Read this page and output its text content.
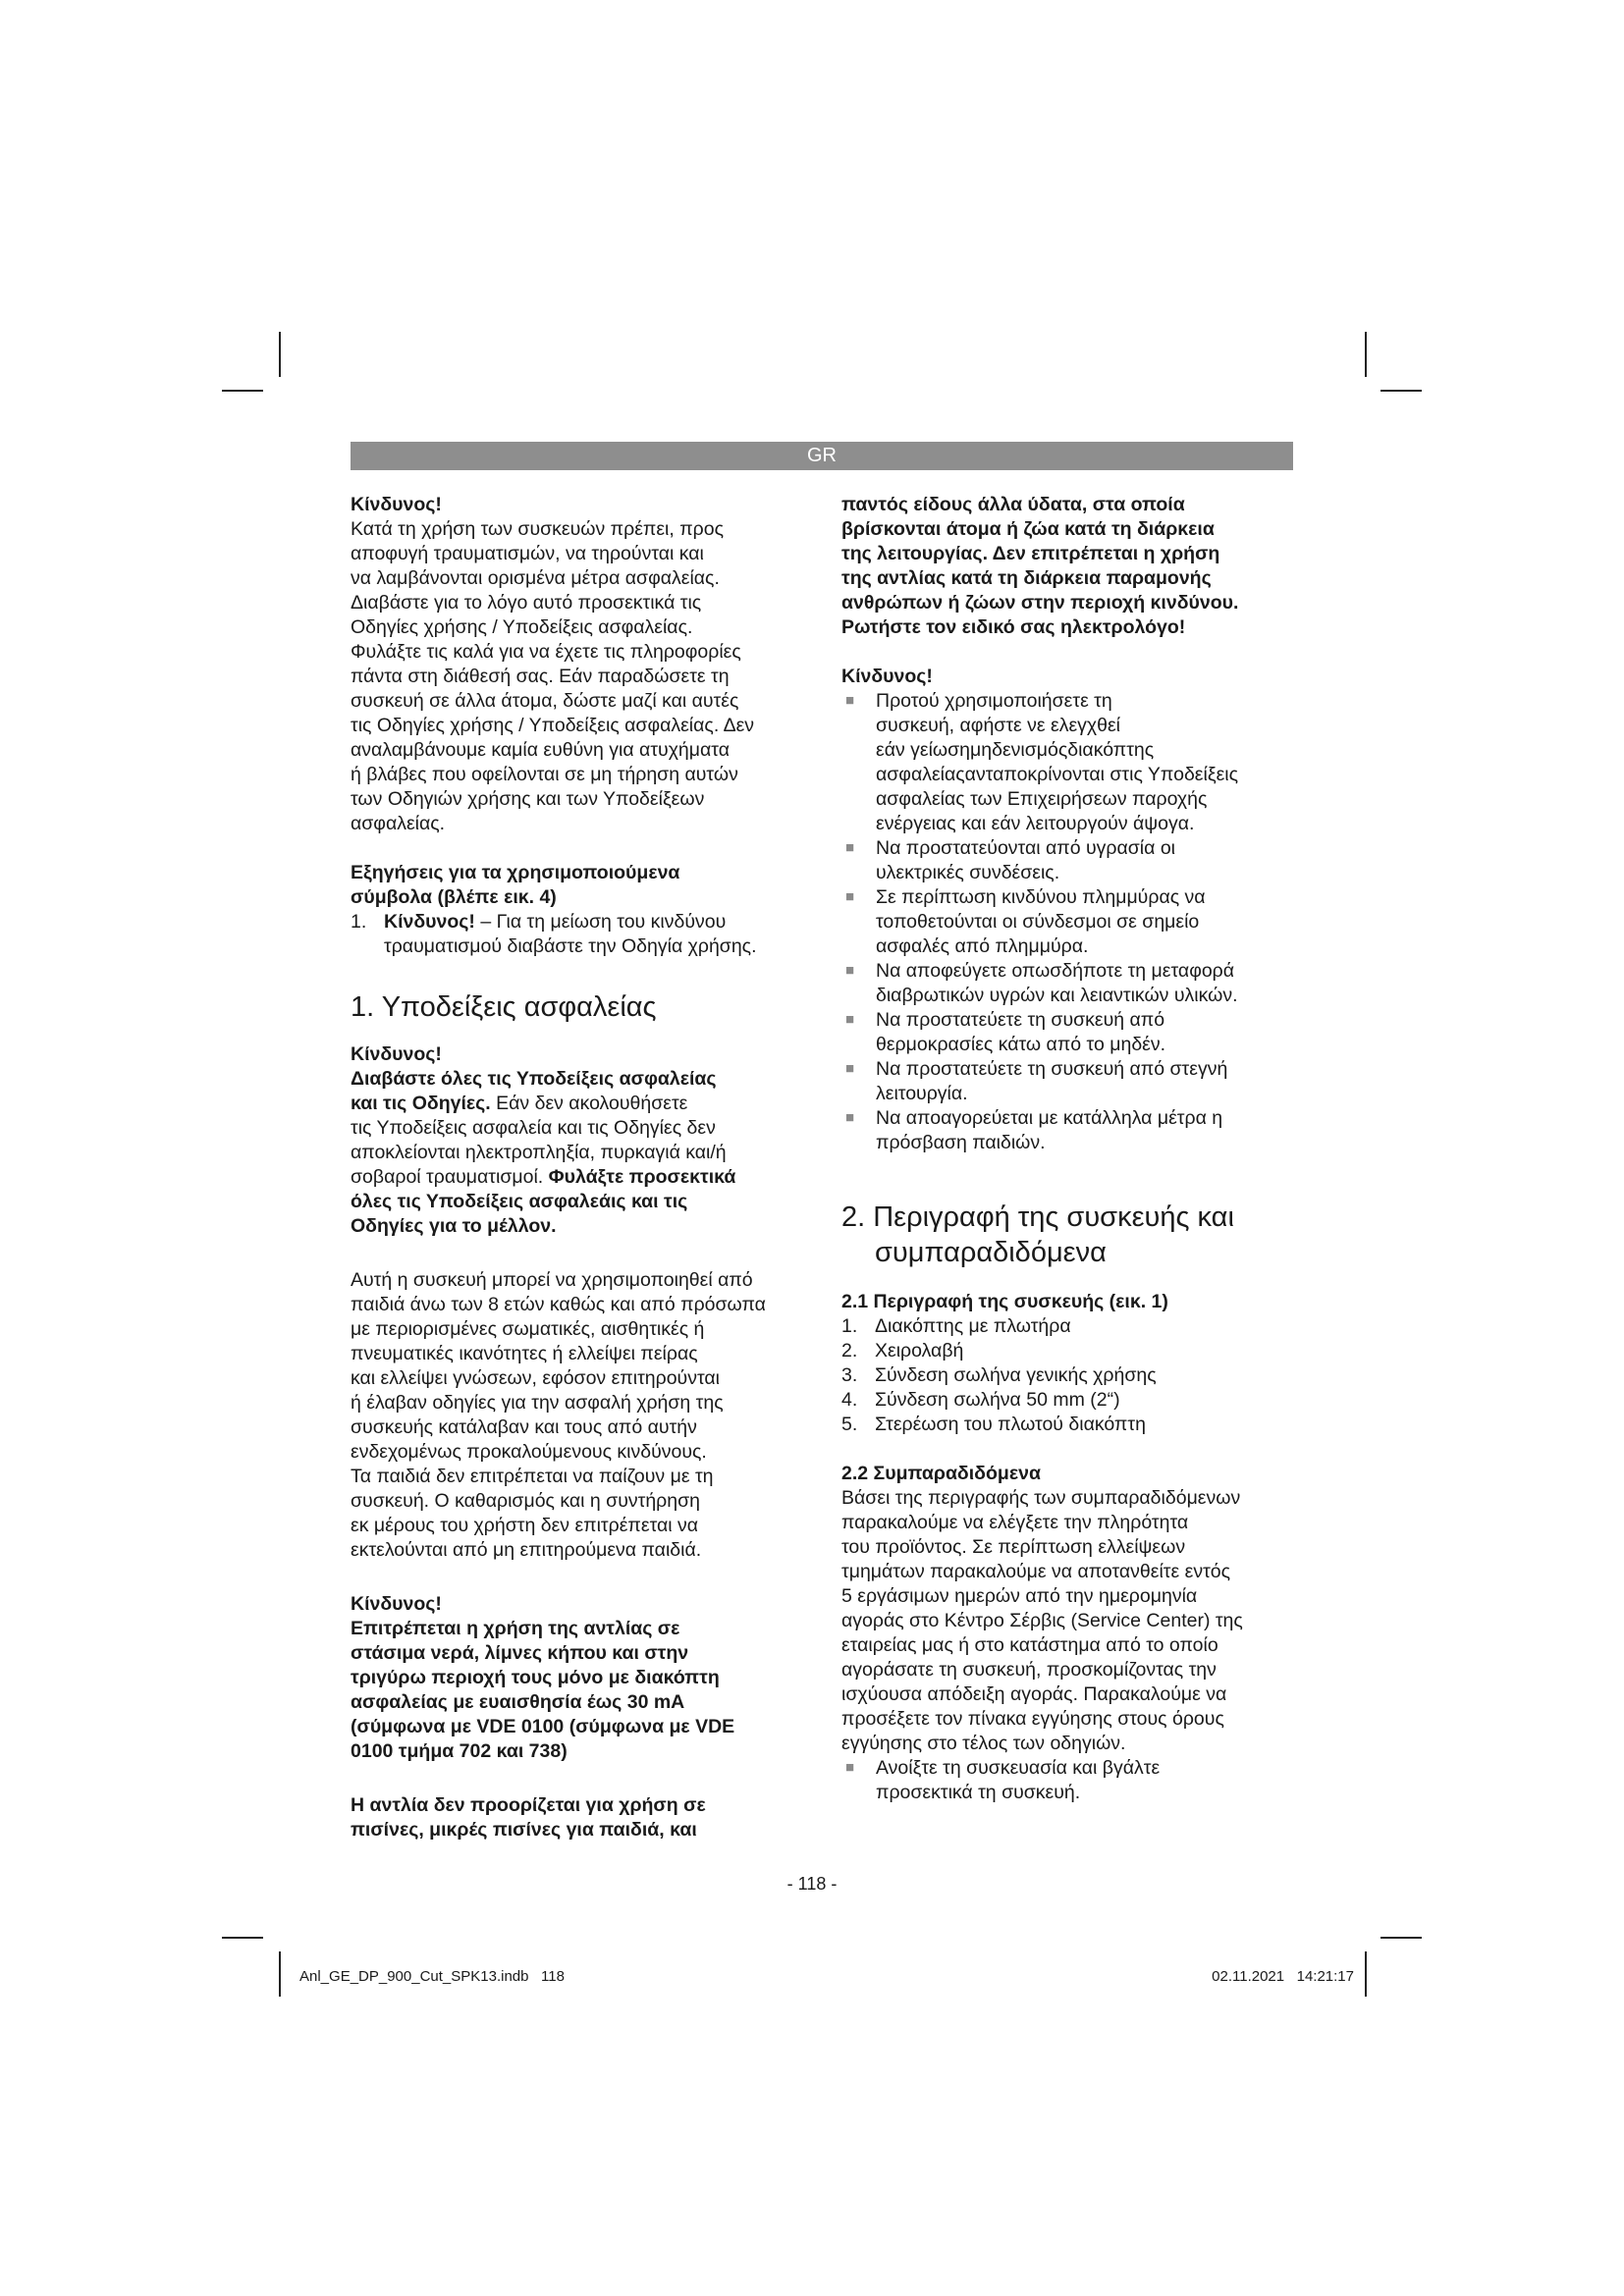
GR

Κίνδυνος!

Κατά τη χρήση των συσκευών πρέπει, προς
αποφυγή τραυματισμών, να τηρούνται και
να λαμβάνονται ορισμένα μέτρα ασφαλείας.
Διαβάστε για το λόγο αυτό προσεκτικά τις
Οδηγίες χρήσης / Υποδείξεις ασφαλείας.
Φυλάξτε τις καλά για να έχετε τις πληροφορίες
πάντα στη διάθεσή σας. Εάν παραδώσετε τη
συσκευή σε άλλα άτομα, δώστε μαζί και αυτές
τις Οδηγίες χρήσης / Υποδείξεις ασφαλείας. Δεν
αναλαμβάνουμε καμία ευθύνη για ατυχήματα
ή βλάβες που οφείλονται σε μη τήρηση αυτών
των Οδηγιών χρήσης και των Υποδείξεων
ασφαλείας.
Εξηγήσεις για τα χρησιμοποιούμενα
σύμβολα (βλέπε εικ. 4)
1. Κίνδυνος! – Για τη μείωση του κινδύνου
τραυματισμού διαβάστε την Οδηγία χρήσης.

1. Υποδείξεις ασφαλείας

Κίνδυνος!

Διαβάστε όλες τις Υποδείξεις ασφαλείας
και τις Οδηγίες. Εάν δεν ακολουθήσετε
τις Υποδείξεις ασφαλεία και τις Οδηγίες δεν
αποκλείονται ηλεκτροπληξία, πυρκαγιά και/ή
σοβαροί τραυματισμοί. Φυλάξτε προσεκτικά
όλες τις Υποδείξεις ασφαλεάις και τις
Οδηγίες για το μέλλον.
Αυτή η συσκευή μπορεί να χρησιμοποιηθεί από
παιδιά άνω των 8 ετών καθώς και από πρόσωπα
με περιορισμένες σωματικές, αισθητικές ή
πνευματικές ικανότητες ή ελλείψει πείρας
και ελλείψει γνώσεων, εφόσον επιτηρούνται
ή έλαβαν οδηγίες για την ασφαλή χρήση της
συσκευής κατάλαβαν και τους από αυτήν
ενδεχομένως προκαλούμενους κινδύνους.
Τα παιδιά δεν επιτρέπεται να παίζουν με τη
συσκευή. Ο καθαρισμός και η συντήρηση
εκ μέρους του χρήστη δεν επιτρέπεται να
εκτελούνται από μη επιτηρούμενα παιδιά.

Κίνδυνος!

Επιτρέπεται η χρήση της αντλίας σε
στάσιμα νερά, λίμνες κήπου και στην
τριγύρω περιοχή τους μόνο με διακόπτη
ασφαλείας με ευαισθησία έως 30 mA
(σύμφωνα με VDE 0100 (σύμφωνα με VDE
0100 τμήμα 702 και 738)
Η αντλία δεν προορίζεται για χρήση σε
πισίνες, μικρές πισίνες για παιδιά, και
παντός είδους άλλα ύδατα, στα οποία
βρίσκονται άτομα ή ζώα κατά τη διάρκεια
της λειτουργίας. Δεν επιτρέπεται η χρήση
της αντλίας κατά τη διάρκεια παραμονής
ανθρώπων ή ζώων στην περιοχή κινδύνου.
Ρωτήστε τον ειδικό σας ηλεκτρολόγο!

Κίνδυνος!

■ Προτού χρησιμοποιήσετε τη
συσκευή, αφήστε νε ελεγχθεί
εάν γείωσημηδενισμόςδιακόπτης
ασφαλείαςανταποκρίνονται στις Υποδείξεις
ασφαλείας των Επιχειρήσεων παροχής
ενέργειας και εάν λειτουργούν άψογα.
■ Να προστατεύονται από υγρασία οι
υλεκτρικές συνδέσεις.
■ Σε περίπτωση κινδύνου πλημμύρας να
τοποθετούνται οι σύνδεσμοι σε σημείο
ασφαλές από πλημμύρα.
■ Να αποφεύγετε οπωσδήποτε τη μεταφορά
διαβρωτικών υγρών και λειαντικών υλικών.
■ Να προστατεύετε τη συσκευή από
θερμοκρασίες κάτω από το μηδέν.
■ Να προστατεύετε τη συσκευή από στεγνή
λειτουργία.
■ Να αποαγορεύεται με κατάλληλα μέτρα η
πρόσβαση παιδιών.
2. Περιγραφή της συσκευής και
συμπαραδιδόμενα

2.1 Περιγραφή της συσκευής (εικ. 1)

1. Διακόπτης με πλωτήρα
2. Χειρολαβή
3. Σύνδεση σωλήνα γενικής χρήσης
4. Σύνδεση σωλήνα 50 mm (2“)
5. Στερέωση του πλωτού διακόπτη

2.2 Συμπαραδιδόμενα

Βάσει της περιγραφής των συμπαραδιδόμενων
παρακαλούμε να ελέγξετε την πληρότητα
του προϊόντος. Σε περίπτωση ελλείψεων
τμημάτων παρακαλούμε να αποτανθείτε εντός
5 εργάσιμων ημερών από την ημερομηνία
αγοράς στο Κέντρο Σέρβις (Service Center) της
εταιρείας μας ή στο κατάστημα από το οποίο
αγοράσατε τη συσκευή, προσκομίζοντας την
ισχύουσα απόδειξη αγοράς. Παρακαλούμε να
προσέξετε τον πίνακα εγγύησης στους όρους
εγγύησης στο τέλος των οδηγιών.
■ Ανοίξτε τη συσκευασία και βγάλτε
προσεκτικά τη συσκευή.
- 118 -
Anl_GE_DP_900_Cut_SPK13.indb   118	02.11.2021   14:21:17
